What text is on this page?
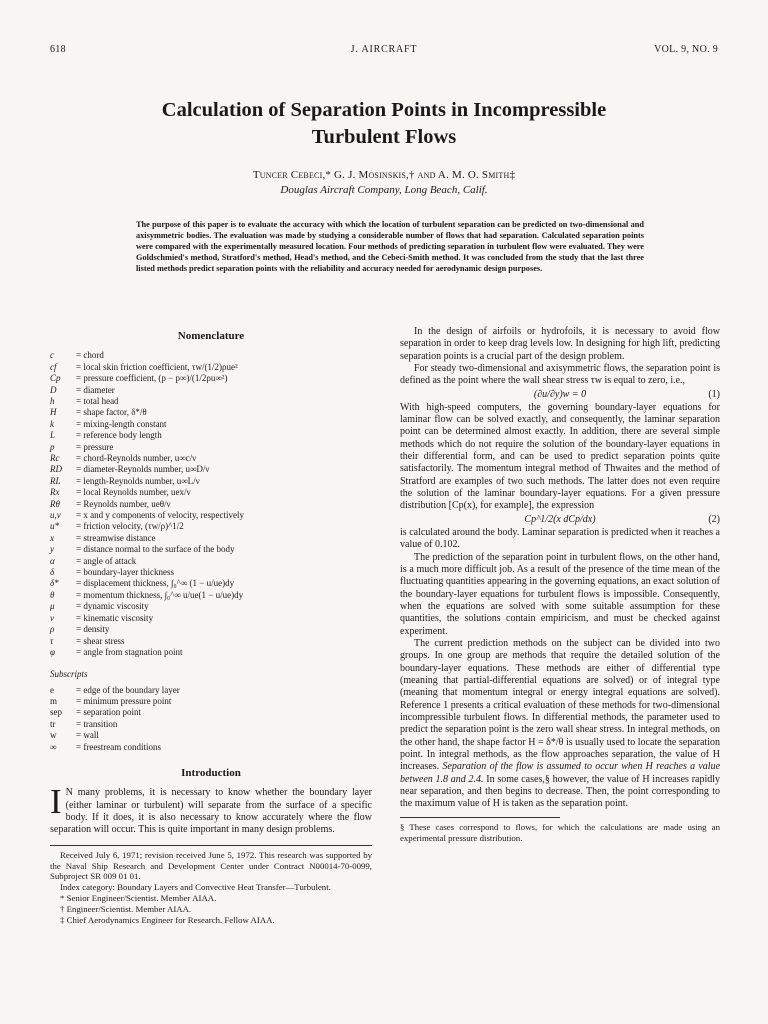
618	J. AIRCRAFT	VOL. 9, NO. 9
Calculation of Separation Points in Incompressible
Turbulent Flows
Tuncer Cebeci,* G. J. Mosinskis,† and A. M. O. Smith‡
Douglas Aircraft Company, Long Beach, Calif.
The purpose of this paper is to evaluate the accuracy with which the location of turbulent separation can be predicted on two-dimensional and axisymmetric bodies. The evaluation was made by studying a considerable number of flows that had separation. Calculated separation points were compared with the experimentally measured location. Four methods of predicting separation in turbulent flow were evaluated. They were Goldschmied's method, Stratford's method, Head's method, and the Cebeci-Smith method. It was concluded from the study that the last three listed methods predict separation points with the reliability and accuracy needed for aerodynamic design purposes.
Nomenclature
c = chord
cf = local skin friction coefficient, τw/(1/2)ρue²
Cp = pressure coefficient, (p − p∞)/(1/2ρu∞²)
D = diameter
h = total head
H = shape factor, δ*/θ
k = mixing-length constant
L = reference body length
p = pressure
Rc = chord-Reynolds number, u∞c/ν
RD = diameter-Reynolds number, u∞D/ν
RL = length-Reynolds number, u∞L/ν
Rx = local Reynolds number, uex/ν
Rθ = Reynolds number, ueθ/ν
u,v = x and y components of velocity, respectively
u* = friction velocity, (τw/ρ)^1/2
x = streamwise distance
y = distance normal to the surface of the body
α = angle of attack
δ = boundary-layer thickness
δ* = displacement thickness, ∫₀^∞ (1 − u/ue)dy
θ = momentum thickness, ∫₀^∞ u/ue(1 − u/ue)dy
μ = dynamic viscosity
ν = kinematic viscosity
ρ = density
τ	= shear stress
φ = angle from stagnation point
Subscripts
e = edge of the boundary layer
m = minimum pressure point
sep = separation point
tr = transition
w = wall
∞ = freestream conditions
Introduction

I N many problems, it is necessary to know whether the boundary layer (either laminar or turbulent) will separate from the surface of a specific body. If it does, it is also necessary to know accurately where the flow separation will occur. This is quite important in many design problems.

Received July 6, 1971; revision received June 5, 1972. This research was supported by the Naval Ship Research and Development Center under Contract N00014-70-0099, Subproject SR 009 01 01.
Index category: Boundary Layers and Convective Heat Transfer—Turbulent.
* Senior Engineer/Scientist. Member AIAA.
† Engineer/Scientist. Member AIAA.
‡ Chief Aerodynamics Engineer for Research. Fellow AIAA.

In the design of airfoils or hydrofoils, it is necessary to avoid flow separation in order to keep drag levels low. In designing for high lift, predicting separation points is a crucial part of the design problem.

For steady two-dimensional and axisymmetric flows, the separation point is defined as the point where the wall shear stress τw is equal to zero, i.e.,

(∂u/∂y)w = 0	(1)

With high-speed computers, the governing boundary-layer equations for laminar flow can be solved exactly, and consequently, the laminar separation point can be determined almost exactly. In addition, there are several simple methods which do not require the solution of the boundary-layer equations in their differential form, and can be used to predict separation points quite satisfactorily. The momentum integral method of Thwaites and the method of Stratford are examples of two such methods. The latter does not even require the solution of the laminar boundary-layer equations. For a given pressure distribution [Cp(x), for example], the expression

Cp^1/2(x dCp/dx)	(2)

is calculated around the body. Laminar separation is predicted when it reaches a value of 0.102.

The prediction of the separation point in turbulent flows, on the other hand, is a much more difficult job. As a result of the presence of the time mean of the fluctuating quantities appearing in the governing equations, an exact solution of the boundary-layer equations for turbulent flows is impossible. Consequently, when the equations are solved with some suitable assumption for these quantities, the solutions contain empiricism, and must be checked against experiment.

The current prediction methods on the subject can be divided into two groups. In one group are methods that require the detailed solution of the boundary-layer equations. These methods are either of differential type (meaning that partial-differential equations are solved) or of integral type (meaning that momentum integral or energy integral equations are solved). Reference 1 presents a critical evaluation of these methods for two-dimensional incompressible turbulent flows. In differential methods, the parameter used to predict the separation point is the zero wall shear stress. In integral methods, on the other hand, the shape factor H = δ*/θ is usually used to locate the separation point. In integral methods, as the flow approaches separation, the value of H increases. Separation of the flow is assumed to occur when H reaches a value between 1.8 and 2.4. In some cases,§ however, the value of H increases rapidly near separation, and then begins to decrease. Then, the point corresponding to the maximum value of H is taken as the separation point.

§ These cases correspond to flows, for which the calculations are made using an experimental pressure distribution.
